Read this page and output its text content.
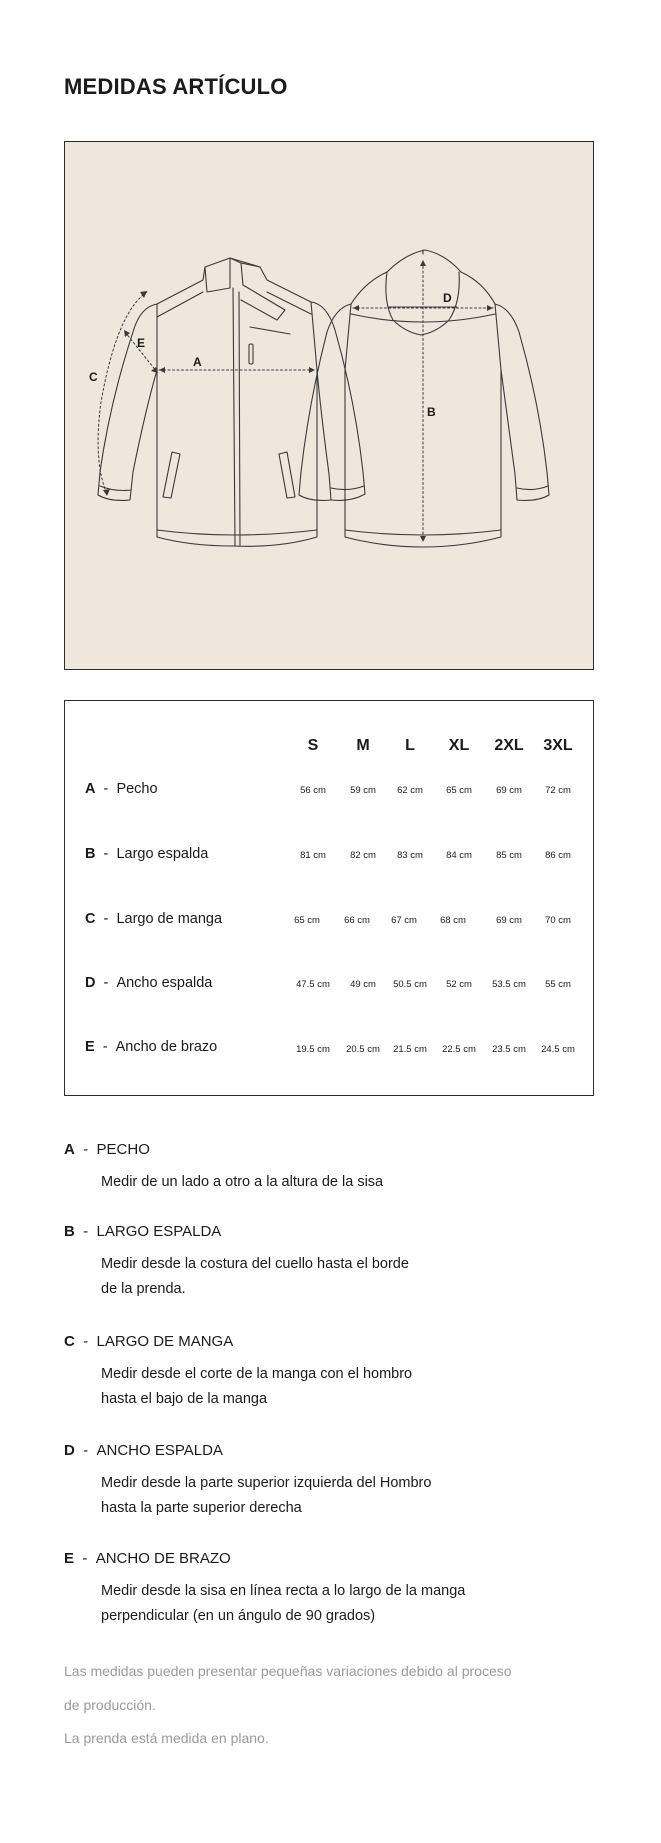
MEDIDAS ARTÍCULO
A
B
C
D
E
S	M	L	XL	2XL	3XL
A  -  Pecho	56 cm	59 cm	62 cm	65 cm	69 cm	72 cm
B  -  Largo espalda	81 cm	82 cm	83 cm	84 cm	85 cm	86 cm
C  -  Largo de manga	65 cm	66 cm	67 cm	68 cm	69 cm	70 cm
D  -  Ancho espalda	47.5 cm	49 cm	50.5 cm	52 cm	53.5 cm	55 cm
E  -  Ancho de brazo	19.5 cm	20.5 cm	21.5 cm	22.5 cm	23.5 cm	24.5 cm
A  -  PECHO
Medir de un lado a otro a la altura de la sisa
B  -  LARGO ESPALDA
Medir desde la costura del cuello hasta el borde
de la prenda.
C  -  LARGO DE MANGA
Medir desde el corte de la manga con el hombro
hasta el bajo de la manga
D  -  ANCHO ESPALDA
Medir desde la parte superior izquierda del Hombro
hasta la parte superior derecha
E  -  ANCHO DE BRAZO
Medir desde la sisa en línea recta a lo largo de la manga
perpendicular (en un ángulo de 90 grados)
Las medidas pueden presentar pequeñas variaciones debido al proceso
de producción.
La prenda está medida en plano.
